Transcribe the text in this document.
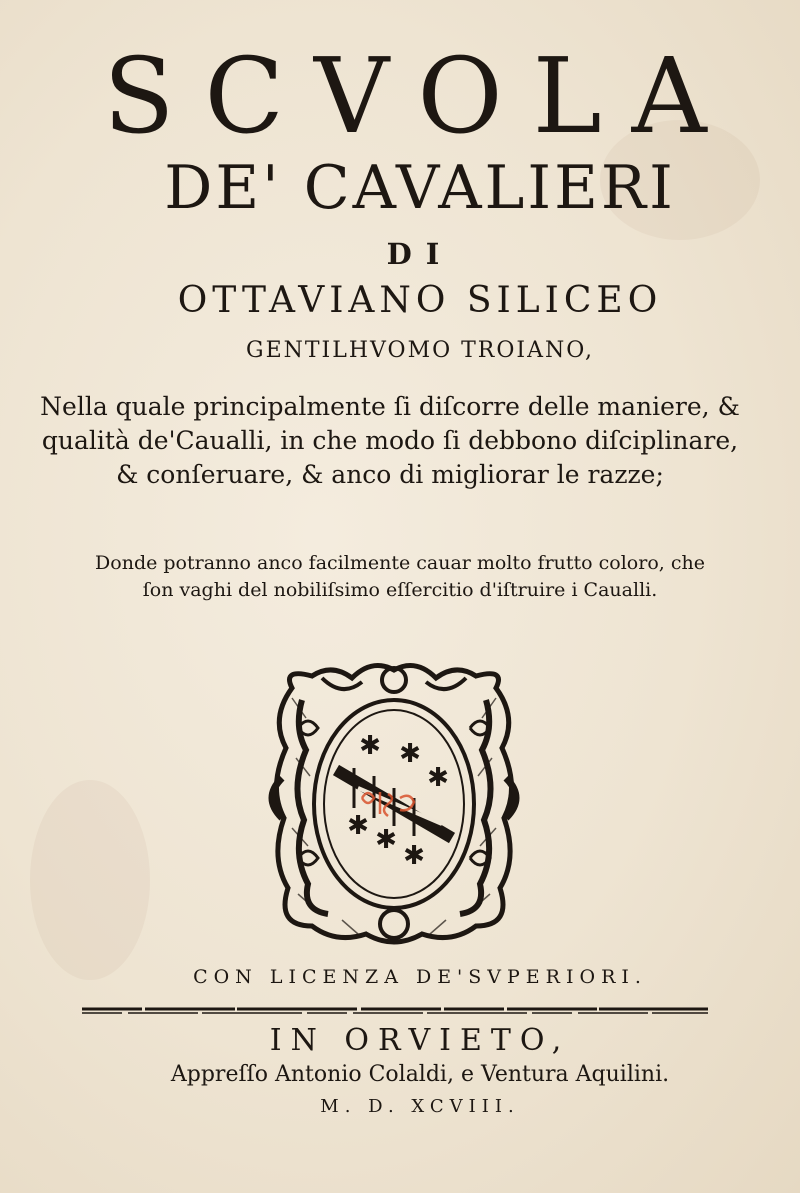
SCVOLA
DE' CAVALIERI
DI
OTTAVIANO SILICEO
GENTILHVOMO TROIANO,
Nella quale principalmente ſi diſcorre delle maniere, & qualità de'Caualli, in che modo ſi debbono diſciplinare, & conſeruare, & anco di migliorar le razze;
Donde potranno anco facilmente cauar molto frutto coloro, che ſon vaghi del nobiliſsimo eſſercitio d'iſtruire i Caualli.
✱ ✱
✱
✱ ✱
✱
CON LICENZA DE'SVPERIORI.
IN ORVIETO,
Appreſſo Antonio Colaldi, e Ventura Aquilini.
M. D. XCVIII.
